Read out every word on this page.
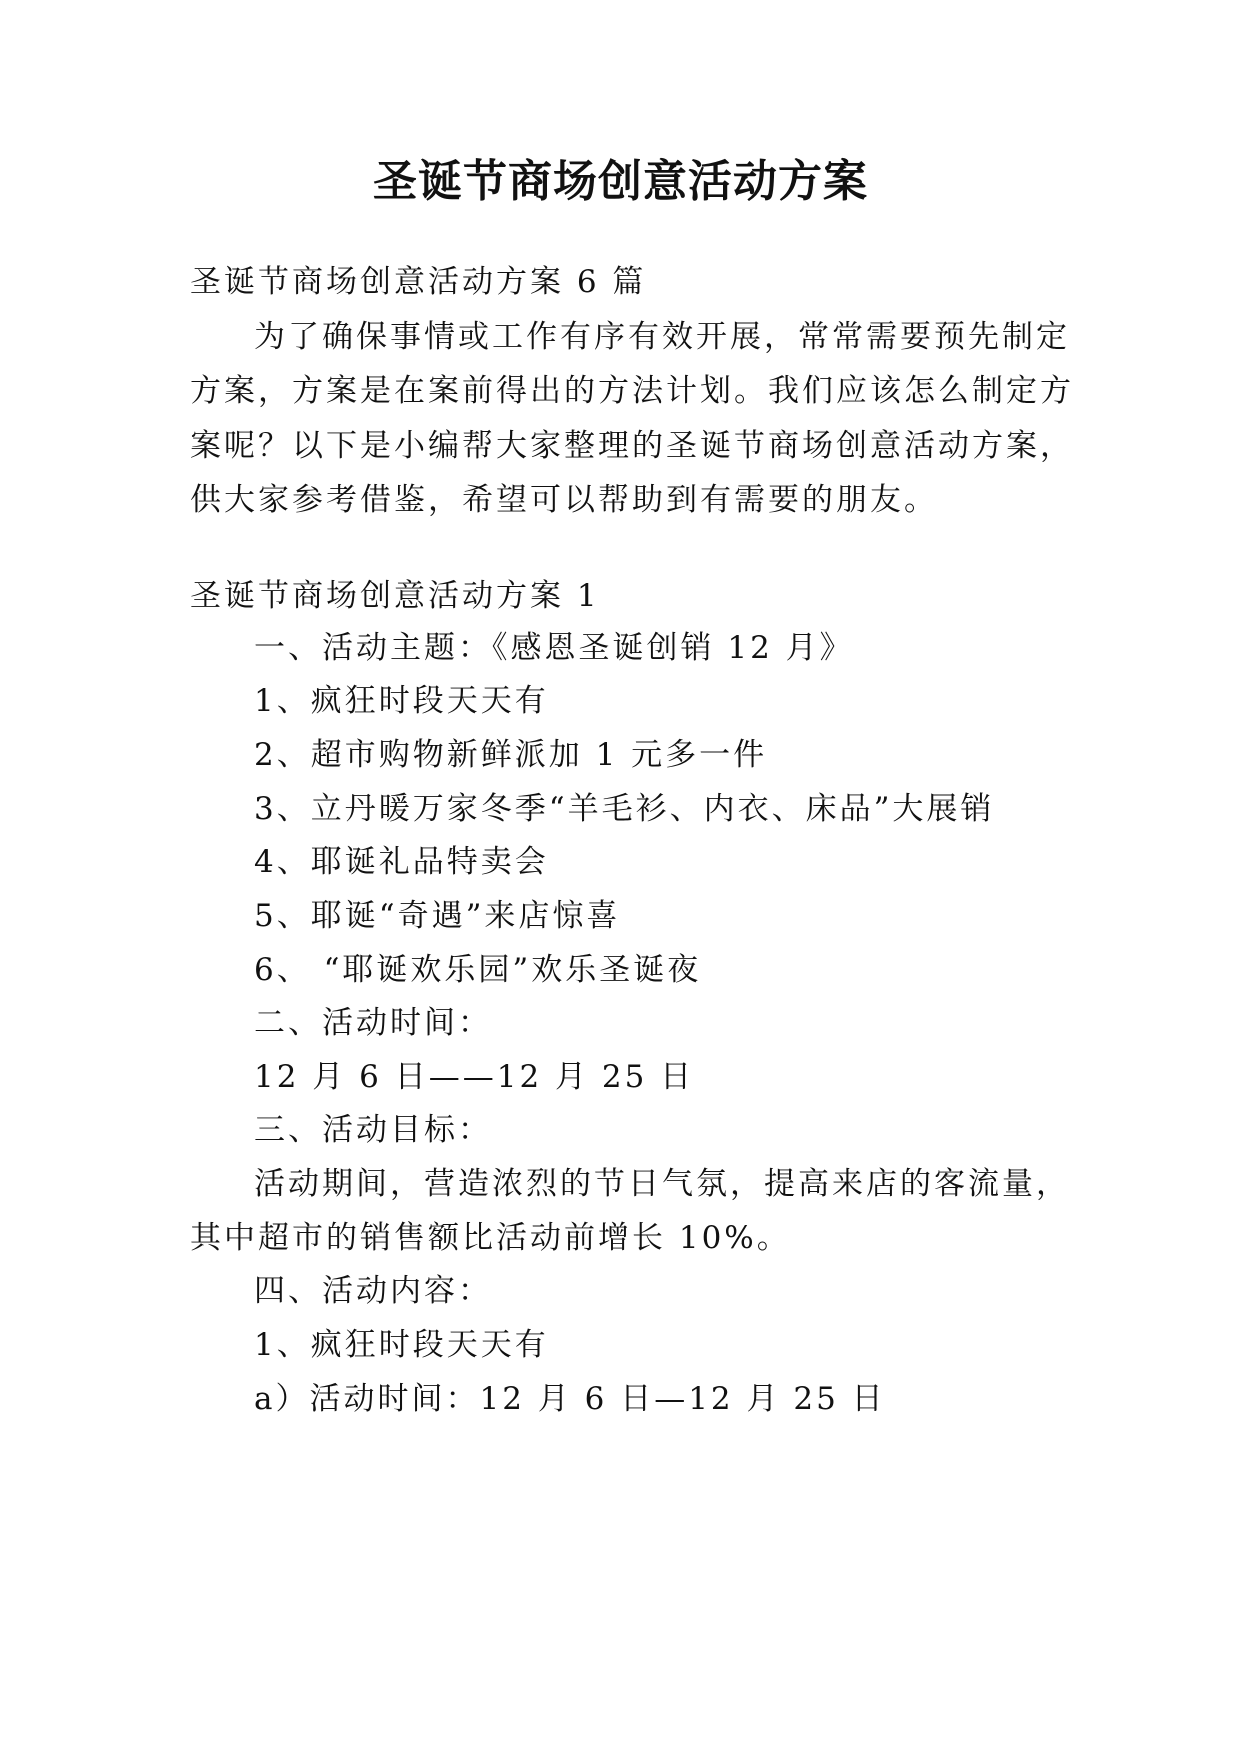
圣诞节商场创意活动方案
圣诞节商场创意活动方案 6 篇
为了确保事情或工作有序有效开展，常常需要预先制定
方案，方案是在案前得出的方法计划。我们应该怎么制定方
案呢？以下是小编帮大家整理的圣诞节商场创意活动方案，
供大家参考借鉴，希望可以帮助到有需要的朋友。
圣诞节商场创意活动方案 1
一、活动主题：《感恩圣诞创销 12 月》
1、疯狂时段天天有
2、超市购物新鲜派加 1 元多一件
3、立丹暖万家冬季“羊毛衫、内衣、床品”大展销
4、耶诞礼品特卖会
5、耶诞“奇遇”来店惊喜
6、 “耶诞欢乐园”欢乐圣诞夜
二、活动时间：
12 月 6 日——12 月 25 日
三、活动目标：
活动期间，营造浓烈的节日气氛，提高来店的客流量，
其中超市的销售额比活动前增长 10%。
四、活动内容：
1、疯狂时段天天有
a）活动时间：12 月 6 日—12 月 25 日
